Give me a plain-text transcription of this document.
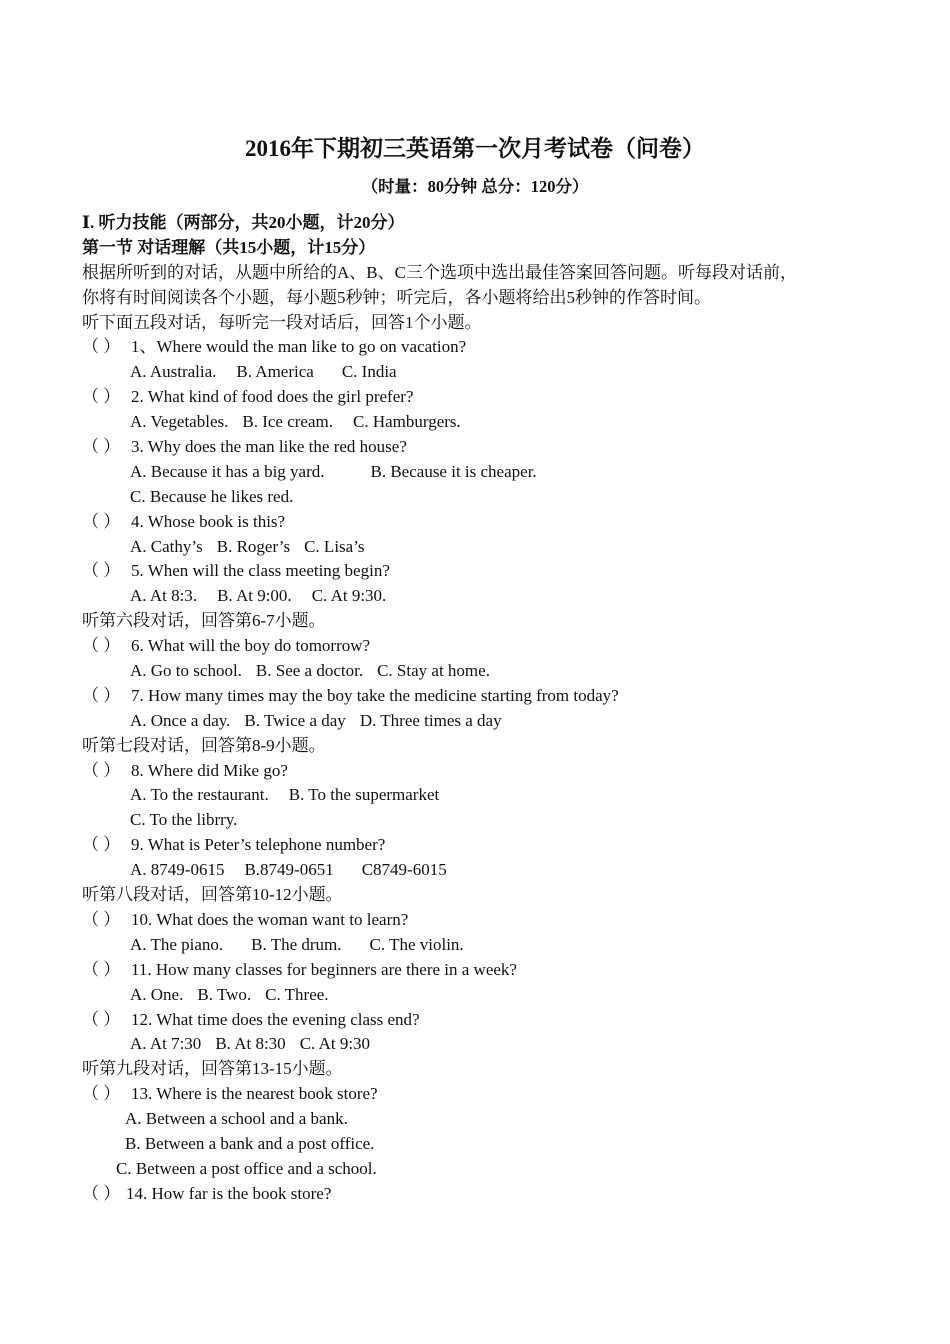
2016年下期初三英语第一次月考试卷（问卷）
（时量：80分钟 总分：120分）
Ⅰ. 听力技能（两部分，共20小题，计20分）
第一节 对话理解（共15小题，计15分）
根据所听到的对话，从题中所给的A、B、C三个选项中选出最佳答案回答问题。听每段对话前，
你将有时间阅读各个小题，每小题5秒钟；听完后，各小题将给出5秒钟的作答时间。
听下面五段对话，每听完一段对话后，回答1个小题。
（ ） 1、Where would the man like to go on vacation?
A. Australia. B. America C. India
（ ） 2. What kind of food does the girl prefer?
A. Vegetables. B. Ice cream. C. Hamburgers.
（ ） 3. Why does the man like the red house?
A. Because it has a big yard.	B. Because it is cheaper.
C. Because he likes red.
（ ） 4. Whose book is this?
A. Cathy’s B. Roger’s C. Lisa’s
（ ） 5. When will the class meeting begin?
A. At 8:3. B. At 9:00. C. At 9:30.
听第六段对话，回答第6-7小题。
（ ） 6. What will the boy do tomorrow?
A. Go to school. B. See a doctor. C. Stay at home.
（ ） 7. How many times may the boy take the medicine starting from today?
A. Once a day. B. Twice a day D. Three times a day
听第七段对话，回答第8-9小题。
（ ） 8. Where did Mike go?
A. To the restaurant. B. To the supermarket
C. To the librry.
（ ） 9. What is Peter’s telephone number?
A. 8749-0615 B.8749-0651 C8749-6015
听第八段对话，回答第10-12小题。
（ ） 10. What does the woman want to learn?
A. The piano. B. The drum. C. The violin.
（ ） 11. How many classes for beginners are there in a week?
A. One. B. Two. C. Three.
（ ） 12. What time does the evening class end?
A. At 7:30 B. At 8:30 C. At 9:30
听第九段对话，回答第13-15小题。
（ ） 13. Where is the nearest book store?
A. Between a school and a bank.
B. Between a bank and a post office.
C. Between a post office and a school.
（ ） 14. How far is the book store?
